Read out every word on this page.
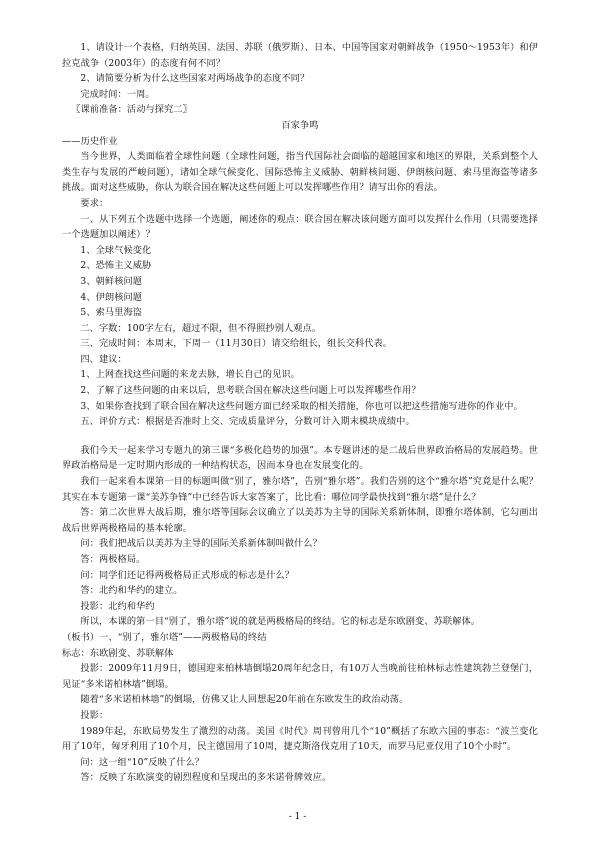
1、请设计一个表格，归纳英国、法国、苏联（俄罗斯）、日本、中国等国家对朝鲜战争（1950～1953年）和伊拉克战争（2003年）的态度有何不同？

2、请简要分析为什么这些国家对两场战争的态度不同？

完成时间：一周。

〖课前准备：活动与探究二〗

百家争鸣

——历史作业

当今世界，人类面临着全球性问题（全球性问题，指当代国际社会面临的超越国家和地区的界限，关系到整个人类生存与发展的严峻问题），诸如全球气候变化、国际恐怖主义威胁、朝鲜核问题、伊朗核问题、索马里海盗等诸多挑战。面对这些威胁，你认为联合国在解决这些问题上可以发挥哪些作用？请写出你的看法。

要求：

一、从下列五个选题中选择一个选题，阐述你的观点：联合国在解决该问题方面可以发挥什么作用（只需要选择一个选题加以阐述）？

1、全球气候变化

2、恐怖主义威胁

3、朝鲜核问题

4、伊朗核问题

5、索马里海盗

二、字数：100字左右，超过不限，但不得照抄别人观点。

三、完成时间：本周末，下周一（11月30日）请交给组长，组长交科代表。

四、建议：

1、上网查找这些问题的来龙去脉，增长自己的见识。

2、了解了这些问题的由来以后，思考联合国在解决这些问题上可以发挥哪些作用？

3、如果你查找到了联合国在解决这些问题方面已经采取的相关措施，你也可以把这些措施写进你的作业中。

五、评价方式：根据是否准时上交、完成质量评分，分数可计入期末模块成绩中。

我们今天一起来学习专题九的第三课“多极化趋势的加强”。本专题讲述的是二战后世界政治格局的发展趋势。世界政治格局是一定时期内形成的一种结构状态，因而本身也在发展变化的。

我们一起来看本课第一目的标题叫做“别了，雅尔塔”，告别“雅尔塔”。我们告别的这个“雅尔塔”究竟是什么呢？其实在本专题第一课“美苏争锋”中已经告诉大家答案了，比比看：哪位同学最快找到“雅尔塔”是什么？

答：第二次世界大战后期，雅尔塔等国际会议确立了以美苏为主导的国际关系新体制，即雅尔塔体制，它勾画出战后世界两极格局的基本轮廓。

问：我们把战后以美苏为主导的国际关系新体制叫做什么？

答：两极格局。

问：同学们还记得两极格局正式形成的标志是什么？

答：北约和华约的建立。

投影：北约和华约

所以，本课的第一目“别了，雅尔塔”说的就是两极格局的终结。它的标志是东欧剧变、苏联解体。

（板书）一、“别了，雅尔塔”——两极格局的终结

标志：东欧剧变、苏联解体

投影：2009年11月9日，德国迎来柏林墙倒塌20周年纪念日，有10万人当晚前往柏林标志性建筑勃兰登堡门，见证“多米诺柏林墙”倒塌。

随着“多米诺柏林墙”的倒塌，仿佛又让人回想起20年前在东欧发生的政治动荡。

投影：

1989年起，东欧局势发生了激烈的动荡。美国《时代》周刊曾用几个“10”概括了东欧六国的事态：“波兰变化用了10年，匈牙利用了10个月，民主德国用了10周，捷克斯洛伐克用了10天，而罗马尼亚仅用了10个小时”。

问：这一组“10”反映了什么？

答：反映了东欧演变的剧烈程度和呈现出的多米诺骨牌效应。

- 1 -
